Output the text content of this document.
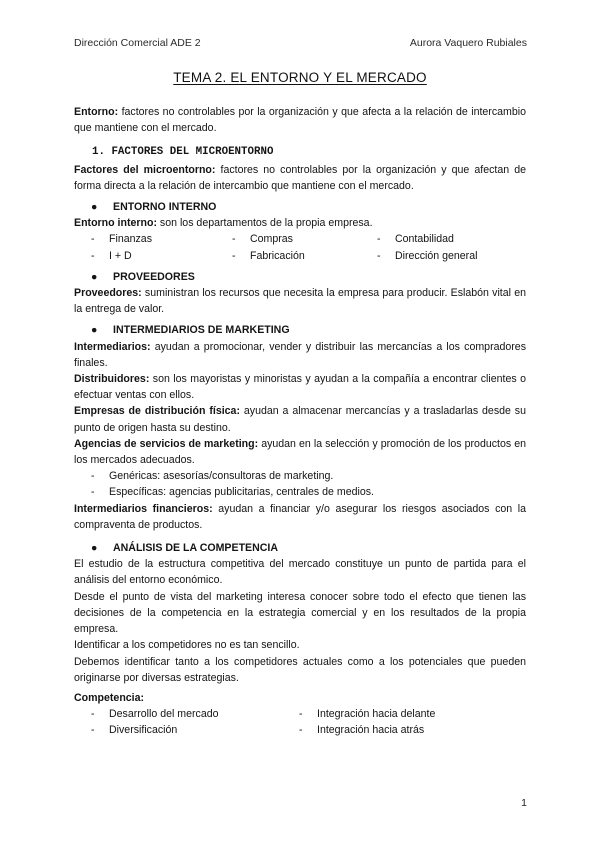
Dirección Comercial ADE 2	Aurora Vaquero Rubiales
TEMA 2. EL ENTORNO Y EL MERCADO

Entorno: factores no controlables por la organización y que afecta a la relación de intercambio que mantiene con el mercado.

1. FACTORES DEL MICROENTORNO

Factores del microentorno: factores no controlables por la organización y que afectan de forma directa a la relación de intercambio que mantiene con el mercado.

●	ENTORNO INTERNO

Entorno interno: son los departamentos de la propia empresa.

-	Finanzas	-	Compras	-	Contabilidad
-	I + D	-	Fabricación	-	Dirección general
●	PROVEEDORES

Proveedores: suministran los recursos que necesita la empresa para producir. Eslabón vital en la entrega de valor.

●	INTERMEDIARIOS DE MARKETING

Intermediarios: ayudan a promocionar, vender y distribuir las mercancías a los compradores finales.

Distribuidores: son los mayoristas y minoristas y ayudan a la compañía a encontrar clientes o efectuar ventas con ellos.

Empresas de distribución física: ayudan a almacenar mercancías y a trasladarlas desde su punto de origen hasta su destino.

Agencias de servicios de marketing: ayudan en la selección y promoción de los productos en los mercados adecuados.

-	Genéricas: asesorías/consultoras de marketing.
-	Específicas: agencias publicitarias, centrales de medios.

Intermediarios financieros: ayudan a financiar y/o asegurar los riesgos asociados con la compraventa de productos.

●	ANÁLISIS DE LA COMPETENCIA

El estudio de la estructura competitiva del mercado constituye un punto de partida para el análisis del entorno económico.

Desde el punto de vista del marketing interesa conocer sobre todo el efecto que tienen las decisiones de la competencia en la estrategia comercial y en los resultados de la propia empresa.

Identificar a los competidores no es tan sencillo.

Debemos identificar tanto a los competidores actuales como a los potenciales que pueden originarse por diversas estrategias.

Competencia:

-	Desarrollo del mercado	-	Integración hacia delante
-	Diversificación	-	Integración hacia atrás
1
